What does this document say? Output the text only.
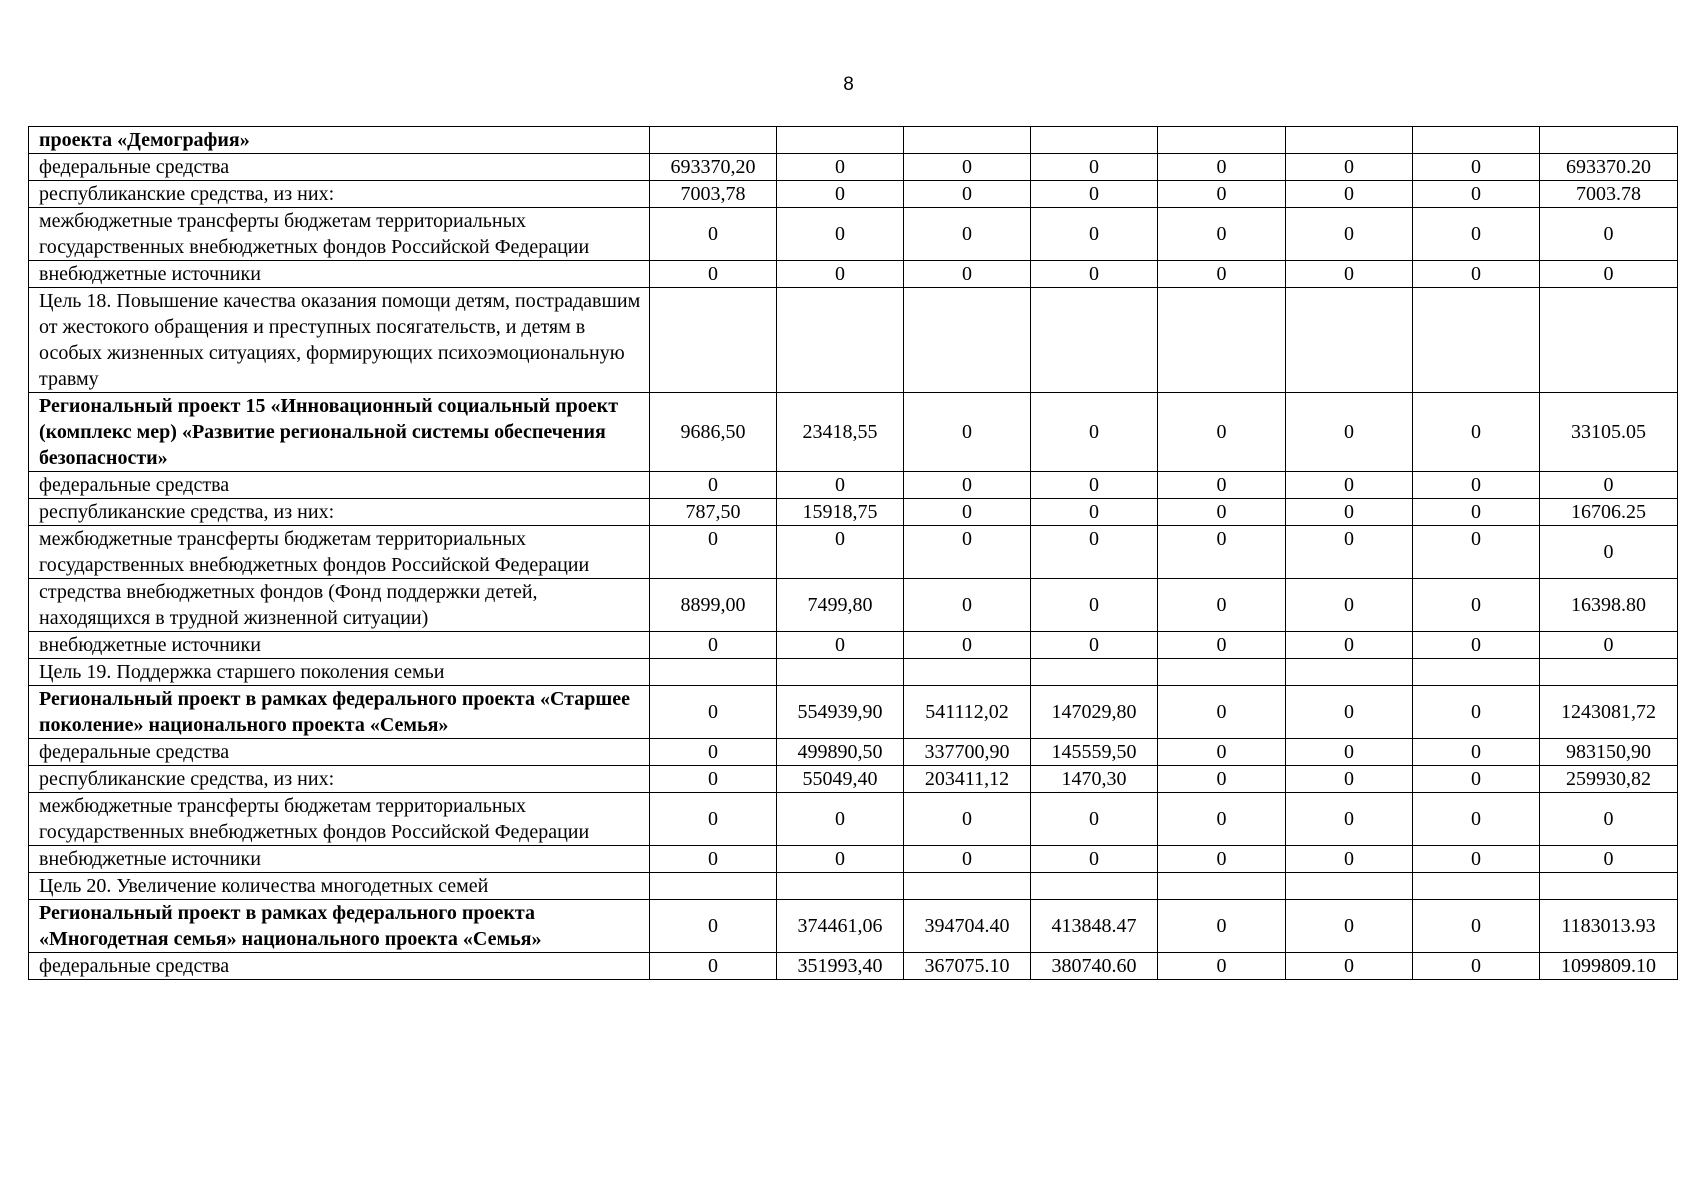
8
проекта «Демография»								
федеральные средства	693370,20	0	0	0	0	0	0	693370.20
республиканские средства, из них:	7003,78	0	0	0	0	0	0	7003.78
межбюджетные трансферты бюджетам территориальных государственных внебюджетных фондов Российской Федерации	0	0	0	0	0	0	0	0
внебюджетные источники	0	0	0	0	0	0	0	0
Цель 18. Повышение качества оказания помощи детям, пострадавшим от жестокого обращения и преступных посягательств, и детям в особых жизненных ситуациях, формирующих психоэмоциональную травму								
Региональный проект 15 «Инновационный социальный проект (комплекс мер) «Развитие региональной системы обеспечения безопасности»	9686,50	23418,55	0	0	0	0	0	33105.05
федеральные средства	0	0	0	0	0	0	0	0
республиканские средства, из них:	787,50	15918,75	0	0	0	0	0	16706.25
межбюджетные трансферты бюджетам территориальных государственных внебюджетных фондов Российской Федерации	0	0	0	0	0	0	0	0
стредства внебюджетных фондов (Фонд поддержки детей, находящихся в трудной жизненной ситуации)	8899,00	7499,80	0	0	0	0	0	16398.80
внебюджетные источники	0	0	0	0	0	0	0	0
Цель 19. Поддержка старшего поколения семьи								
Региональный проект в рамках федерального проекта «Старшее поколение» национального проекта «Семья»	0	554939,90	541112,02	147029,80	0	0	0	1243081,72
федеральные средства	0	499890,50	337700,90	145559,50	0	0	0	983150,90
республиканские средства, из них:	0	55049,40	203411,12	1470,30	0	0	0	259930,82
межбюджетные трансферты бюджетам территориальных государственных внебюджетных фондов Российской Федерации	0	0	0	0	0	0	0	0
внебюджетные источники	0	0	0	0	0	0	0	0
Цель 20. Увеличение количества многодетных семей								
Региональный проект в рамках федерального проекта «Многодетная семья» национального проекта «Семья»	0	374461,06	394704.40	413848.47	0	0	0	1183013.93
федеральные средства	0	351993,40	367075.10	380740.60	0	0	0	1099809.10
